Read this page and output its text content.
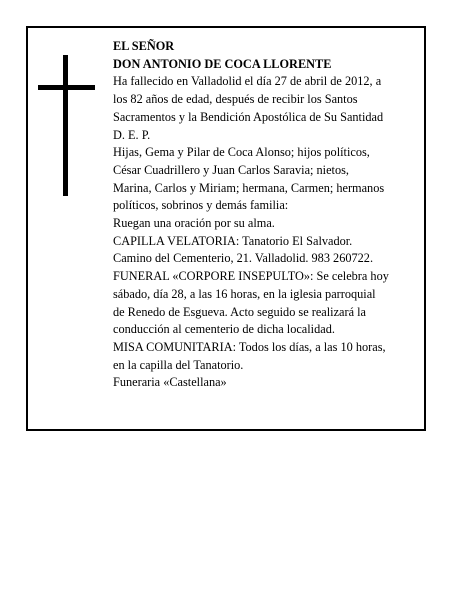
EL SEÑOR
DON ANTONIO DE COCA LLORENTE
Ha fallecido en Valladolid el día 27 de abril de 2012, a
los 82 años de edad, después de recibir los Santos
Sacramentos y la Bendición Apostólica de Su Santidad
D. E. P.
Hijas, Gema y Pilar de Coca Alonso; hijos políticos,
César Cuadrillero y Juan Carlos Saravia; nietos,
Marina, Carlos y Miriam; hermana, Carmen; hermanos
políticos, sobrinos y demás familia:
Ruegan una oración por su alma.
CAPILLA VELATORIA: Tanatorio El Salvador.
Camino del Cementerio, 21. Valladolid. 983 260722.
FUNERAL «CORPORE INSEPULTO»: Se celebra hoy
sábado, día 28, a las 16 horas, en la iglesia parroquial
de Renedo de Esgueva. Acto seguido se realizará la
conducción al cementerio de dicha localidad.
MISA COMUNITARIA: Todos los días, a las 10 horas,
en la capilla del Tanatorio.
Funeraria «Castellana»
